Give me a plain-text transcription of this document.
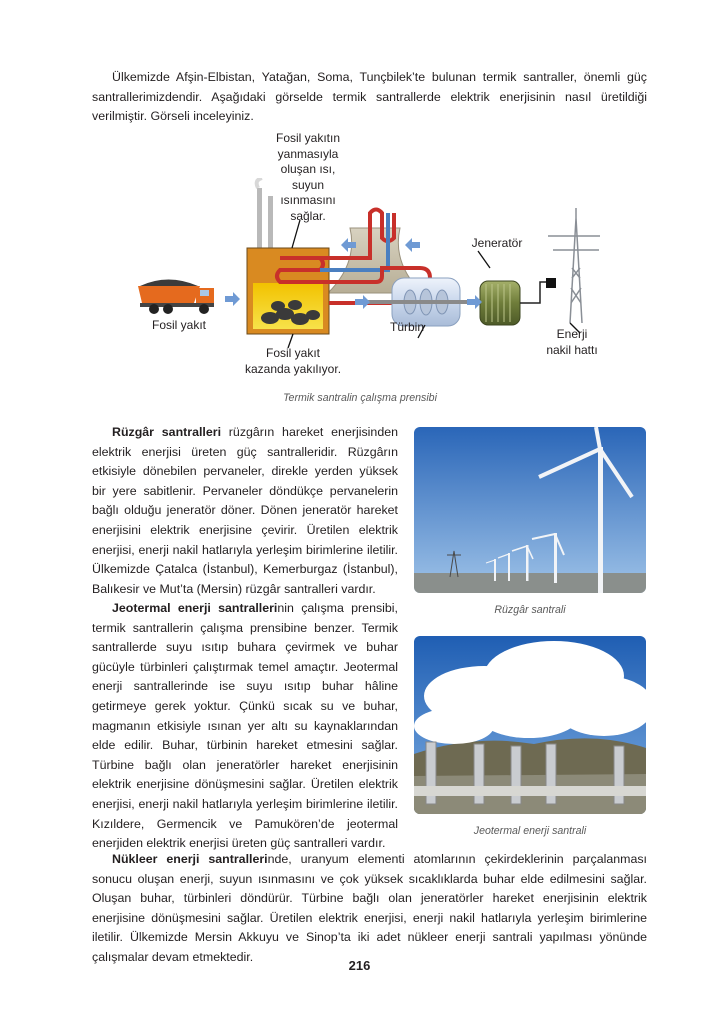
Ülkemizde Afşin-Elbistan, Yatağan, Soma, Tunçbilek’te bulunan termik santraller, önemli güç santrallerimizdendir. Aşağıdaki görselde termik santrallerde elektrik enerjisinin nasıl üretildiği verilmiştir. Görseli inceleyiniz.

Fosil yakıtın
yanmasıyla
oluşan ısı,
suyun
ısınmasını
sağlar.
Jeneratör
Fosil yakıt	Türbin	Enerji
nakil hattı
Fosil yakıt
kazanda yakılıyor.

Termik santralin çalışma prensibi

Rüzgâr santralleri rüzgârın hareket enerjisinden elektrik enerjisi üreten güç santralleridir. Rüzgârın etkisiyle dönebilen pervaneler, direkle yerden yüksek bir yere sabitlenir. Pervaneler döndükçe pervanelerin bağlı olduğu jeneratör döner. Dönen jeneratör hareket enerjisini elektrik enerjisine çevirir. Üretilen elektrik enerjisi, enerji nakil hatlarıyla yerleşim birimlerine iletilir. Ülkemizde Çatalca (İstanbul), Kemerburgaz (İstanbul), Balıkesir ve Mut’ta (Mersin) rüzgâr santralleri vardır.

Jeotermal enerji santrallerinin çalışma prensibi, termik santrallerin çalışma prensibine benzer. Termik santrallerde suyu ısıtıp buhara çevirmek ve buhar gücüyle türbinleri çalıştırmak temel amaçtır. Jeotermal enerji santrallerinde ise suyu ısıtıp buhar hâline getirmeye gerek yoktur. Çünkü sıcak su ve buhar, magmanın etkisiyle ısınan yer altı su kaynaklarından elde edilir. Buhar, türbinin hareket etmesini sağlar. Türbine bağlı olan jeneratörler hareket enerjisinin elektrik enerjisine dönüşmesini sağlar. Üretilen elektrik enerjisi, enerji nakil hatlarıyla yerleşim birimlerine iletilir. Kızıldere, Germencik ve Pamukören’de jeotermal enerjiden elektrik enerjisi üreten güç santralleri vardır.

Rüzgâr santrali

Jeotermal enerji santrali

Nükleer enerji santrallerinde, uranyum elementi atomlarının çekirdeklerinin parçalanması sonucu oluşan enerji, suyun ısınmasını ve çok yüksek sıcaklıklarda buhar elde edilmesini sağlar. Oluşan buhar, türbinleri döndürür. Türbine bağlı olan jeneratörler hareket enerjisinin elektrik enerjisine dönüşmesini sağlar. Üretilen elektrik enerjisi, enerji nakil hatlarıyla yerleşim birimlerine iletilir. Ülkemizde Mersin Akkuyu ve Sinop’ta iki adet nükleer enerji santrali yapılması yönünde çalışmalar devam etmektedir.

216
